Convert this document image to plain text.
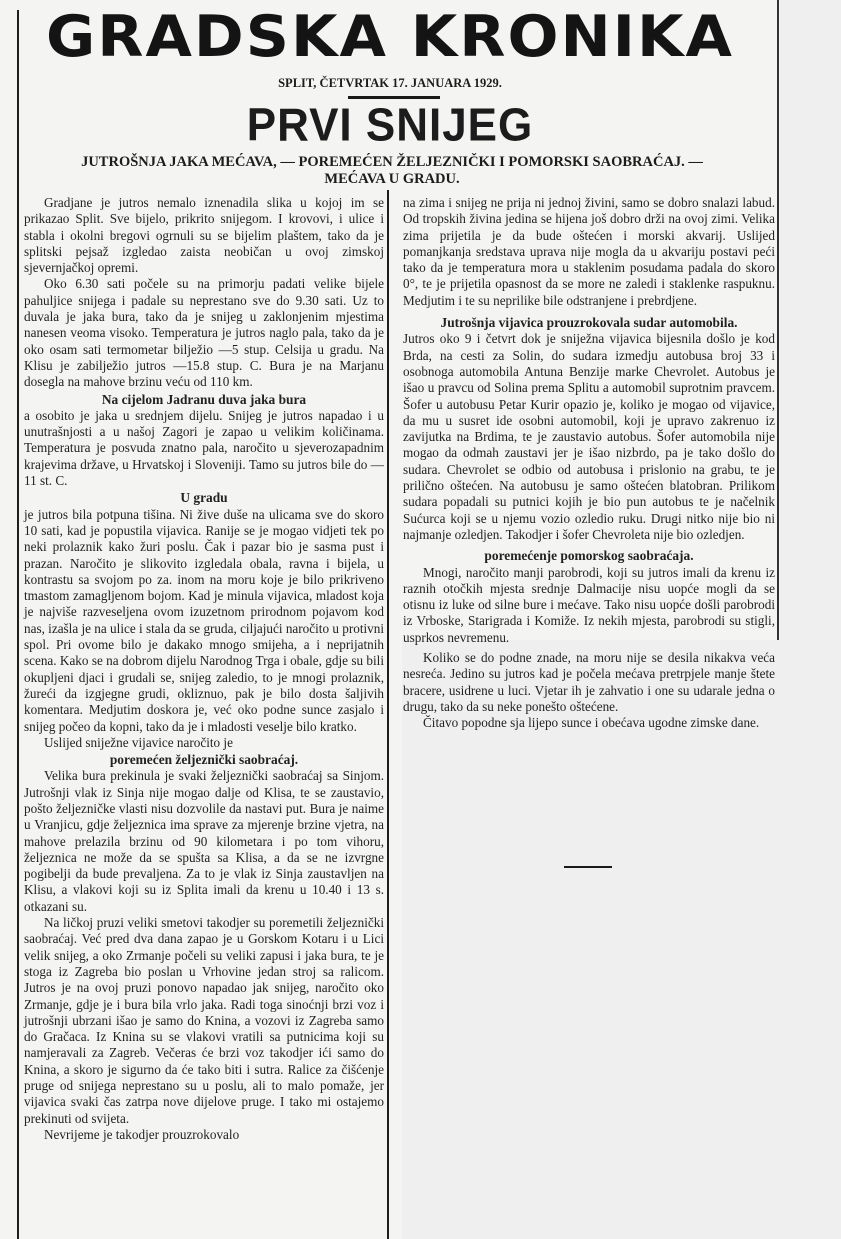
GRADSKA KRONIKA
SPLIT, ČETVRTAK 17. JANUARA 1929.
PRVI SNIJEG
JUTROŠNJA JAKA MEĆAVA, — POREMEĆEN ŽELJEZNIČKI I POMORSKI SAOBRAĆAJ. —
MEĆAVA U GRADU.

Gradjane je jutros nemalo iznenadila slika u kojoj im se prikazao Split. Sve bijelo, prikrito snijegom. I krovovi, i ulice i stabla i okolni bregovi ogrnuli su se bijelim plaštem, tako da je splitski pejsaž izgledao zaista neobičan u ovoj zimskoj sjevernjačkoj opremi.

Oko 6.30 sati počele su na primorju padati velike bijele pahuljice snijega i padale su neprestano sve do 9.30 sati. Uz to duvala je jaka bura, tako da je snijeg u zaklonjenim mjestima nanesen veoma visoko. Temperatura je jutros naglo pala, tako da je oko osam sati termometar bilježio —5 stup. Celsija u gradu. Na Klisu je zabilježio jutros —15.8 stup. C. Bura je na Marjanu dosegla na mahove brzinu veću od 110 km.

Na cijelom Jadranu duva jaka bura

a osobito je jaka u srednjem dijelu. Snijeg je jutros napadao i u unutrašnjosti a u našoj Zagori je zapao u velikim količinama. Temperatura je posvuda znatno pala, naročito u sjeverozapadnim krajevima države, u Hrvatskoj i Sloveniji. Tamo su jutros bile do —11 st. C.

U gradu

je jutros bila potpuna tišina. Ni žive duše na ulicama sve do skoro 10 sati, kad je popustila vijavica. Ranije se je mogao vidjeti tek po neki prolaznik kako žuri poslu. Čak i pazar bio je sasma pust i prazan. Naročito je slikovito izgledala obala, ravna i bijela, u kontrastu sa svojom po za. inom na moru koje je bilo prikriveno tmastom zamagljenom bojom. Kad je minula vijavica, mladost koja je najviše razveseljena ovom izuzetnom prirodnom pojavom kod nas, izašla je na ulice i stala da se gruda, ciljajući naročito u protivni spol. Pri ovome bilo je dakako mnogo smijeha, a i neprijatnih scena. Kako se na dobrom dijelu Narodnog Trga i obale, gdje su bili okupljeni djaci i grudali se, snijeg zaledio, to je mnogi prolaznik, žureći da izgjegne grudi, okliznuo, pak je bilo dosta šaljivih komentara. Medjutim doskora je, već oko podne sunce zasjalo i snijeg počeo da kopni, tako da je i mladosti veselje bilo kratko.

Uslijed sniježne vijavice naročito je

poremećen željeznički saobraćaj.

Velika bura prekinula je svaki željeznički saobraćaj sa Sinjom. Jutrošnji vlak iz Sinja nije mogao dalje od Klisa, te se zaustavio, pošto željezničke vlasti nisu dozvolile da nastavi put. Bura je naime u Vranjicu, gdje željeznica ima sprave za mjerenje brzine vjetra, na mahove prelazila brzinu od 90 kilometara i po tom vihoru, željeznica ne može da se spušta sa Klisa, a da se ne izvrgne pogibelji da bude prevaljena. Za to je vlak iz Sinja zaustavljen na Klisu, a vlakovi koji su iz Splita imali da krenu u 10.40 i 13 s. otkazani su.

Na ličkoj pruzi veliki smetovi takodjer su poremetili željeznički saobraćaj. Već pred dva dana zapao je u Gorskom Kotaru i u Lici velik snijeg, a oko Zrmanje počeli su veliki zapusi i jaka bura, te je stoga iz Zagreba bio poslan u Vrhovine jedan stroj sa ralicom. Jutros je na ovoj pruzi ponovo napadao jak snijeg, naročito oko Zrmanje, gdje je i bura bila vrlo jaka. Radi toga sinoćnji brzi voz i jutrošnji ubrzani išao je samo do Knina, a vozovi iz Zagreba samo do Gračaca. Iz Knina su se vlakovi vratili sa putnicima koji su namjeravali za Zagreb. Večeras će brzi voz takodjer ići samo do Knina, a skoro je sigurno da će tako biti i sutra. Ralice za čišćenje pruge od snijega neprestano su u poslu, ali to malo pomaže, jer vijavica svaki čas zatrpa nove dijelove pruge. I tako mi ostajemo prekinuti od svijeta.

Nevrijeme je takodjer prouzrokovalo

na zima i snijeg ne prija ni jednoj živini, samo se dobro snalazi labud. Od tropskih živina jedina se hijena još dobro drži na ovoj zimi. Velika zima prijetila je da bude oštećen i morski akvarij. Uslijed pomanjkanja sredstava uprava nije mogla da u akvariju postavi peći tako da je temperatura mora u staklenim posudama padala do skoro 0°, te je prijetila opasnost da se more ne zaledi i staklenke raspuknu. Medjutim i te su neprilike bile odstranjene i prebrdjene.

Jutrošnja vijavica prouzrokovala sudar automobila.

Jutros oko 9 i četvrt dok je sniježna vijavica bijesnila došlo je kod Brda, na cesti za Solin, do sudara izmedju autobusa broj 33 i osobnoga automobila Antuna Benzije marke Chevrolet. Autobus je išao u pravcu od Solina prema Splitu a automobil suprotnim pravcem. Šofer u autobusu Petar Kurir opazio je, koliko je mogao od vijavice, da mu u susret ide osobni automobil, koji je upravo zakrenuo iz zavijutka na Brdima, te je zaustavio autobus. Šofer automobila nije mogao da odmah zaustavi jer je išao nizbrdo, pa je tako došlo do sudara. Chevrolet se odbio od autobusa i prislonio na grabu, te je prilično oštećen. Na autobusu je samo oštećen blatobran. Prilikom sudara popadali su putnici kojih je bio pun autobus te je načelnik Sućurca koji se u njemu vozio ozledio ruku. Drugi nitko nije bio ni najmanje ozledjen. Takodjer i šofer Chevroleta nije bio ozledjen.

poremećenje pomorskog saobraćaja.

Mnogi, naročito manji parobrodi, koji su jutros imali da krenu iz raznih otočkih mjesta srednje Dalmacije nisu uopće mogli da se otisnu iz luke od silne bure i mećave. Tako nisu uopće došli parobrodi iz Vrboske, Starigrada i Komiže. Iz nekih mjesta, parobrodi su stigli, usprkos nevremenu.

Koliko se do podne znade, na moru nije se desila nikakva veća nesreća. Jedino su jutros kad je počela mećava pretrpjele manje štete bracere, usidrene u luci. Vjetar ih je zahvatio i one su udarale jedna o drugu, tako da su neke ponešto oštećene.

Čitavo popodne sja lijepo sunce i obećava ugodne zimske dane.
